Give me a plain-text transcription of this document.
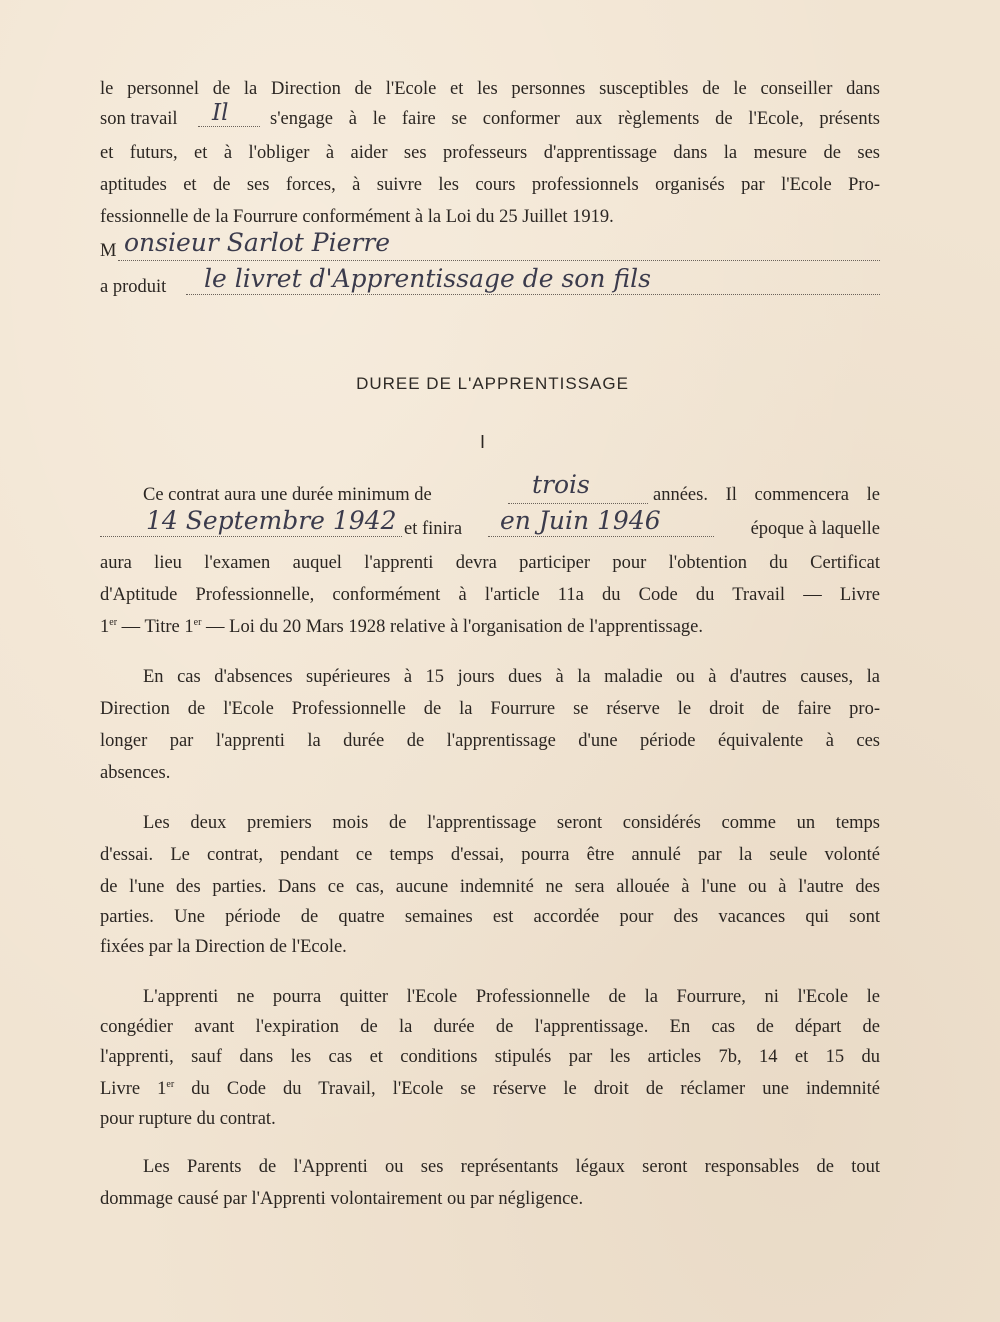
le personnel de la Direction de l'Ecole et les personnes susceptibles de le conseiller dans
son travail Il s'engage à le faire se conformer aux règlements de l'Ecole, présents
et futurs, et à l'obliger à aider ses professeurs d'apprentissage dans la mesure de ses
aptitudes et de ses forces, à suivre les cours professionnels organisés par l'Ecole Pro-
fessionnelle de la Fourrure conformément à la Loi du 25 Juillet 1919.
M onsieur Sarlot Pierre
a produit le livret d'Apprentissage de son fils
DUREE DE L'APPRENTISSAGE
I
Ce contrat aura une durée minimum de	trois	années. Il commencera le
14 Septembre 1942 et finira en Juin 1946	époque à laquelle
aura lieu l'examen auquel l'apprenti devra participer pour l'obtention du Certificat
d'Aptitude Professionnelle, conformément à l'article 11a du Code du Travail — Livre
1er — Titre 1er — Loi du 20 Mars 1928 relative à l'organisation de l'apprentissage.
En cas d'absences supérieures à 15 jours dues à la maladie ou à d'autres causes, la
Direction de l'Ecole Professionnelle de la Fourrure se réserve le droit de faire pro-
longer par l'apprenti la durée de l'apprentissage d'une période équivalente à ces
absences.
Les deux premiers mois de l'apprentissage seront considérés comme un temps
d'essai. Le contrat, pendant ce temps d'essai, pourra être annulé par la seule volonté
de l'une des parties. Dans ce cas, aucune indemnité ne sera allouée à l'une ou à l'autre des
parties. Une période de quatre semaines est accordée pour des vacances qui sont
fixées par la Direction de l'Ecole.
L'apprenti ne pourra quitter l'Ecole Professionnelle de la Fourrure, ni l'Ecole le
congédier avant l'expiration de la durée de l'apprentissage. En cas de départ de
l'apprenti, sauf dans les cas et conditions stipulés par les articles 7b, 14 et 15 du
Livre 1er du Code du Travail, l'Ecole se réserve le droit de réclamer une indemnité
pour rupture du contrat.
Les Parents de l'Apprenti ou ses représentants légaux seront responsables de tout
dommage causé par l'Apprenti volontairement ou par négligence.
